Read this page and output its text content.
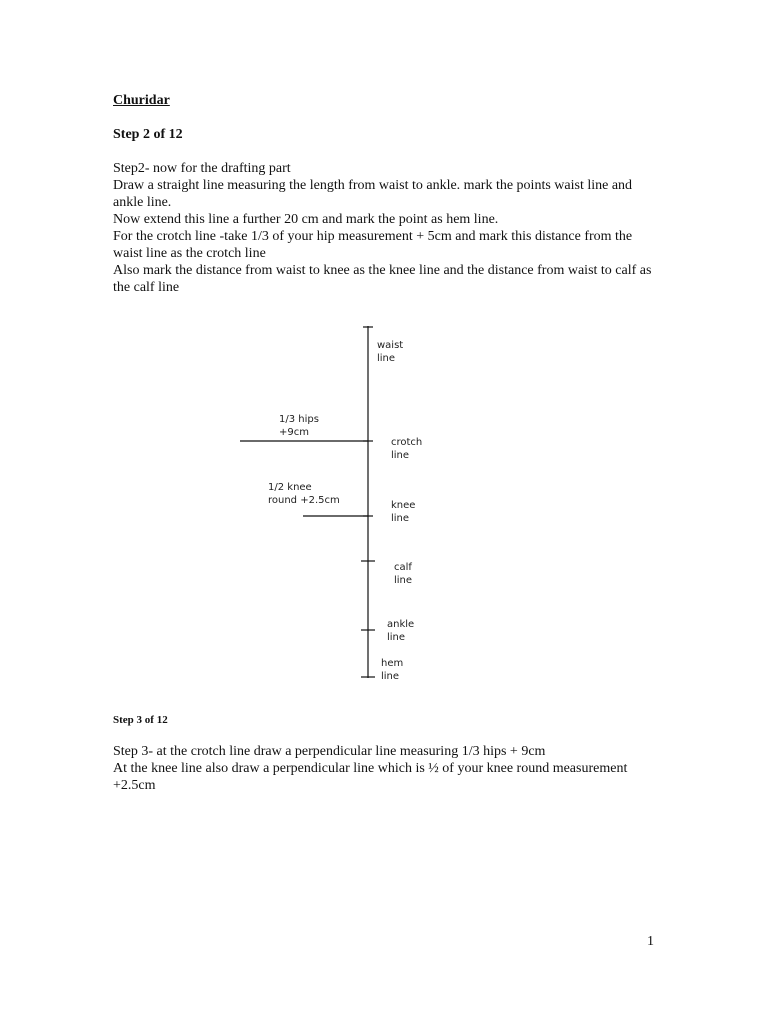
Churidar
Step 2 of 12

Step2- now for the drafting part

Draw a straight line measuring the length from waist to ankle. mark the points waist line and ankle line.

Now extend this line a further 20 cm and mark the point as hem line.

For the crotch line -take 1/3 of your hip measurement + 5cm and mark this distance from the waist line as the crotch line

Also mark the distance from waist to knee as the knee line and the distance from waist to calf as the calf line

Step 3 of 12

Step 3- at the crotch line draw a perpendicular line measuring 1/3 hips + 9cm

At the knee line also draw a perpendicular line which is ½ of your knee round measurement +2.5cm

waist
line
crotch
line
knee
line
calf
line
ankle
line
hem
line
1/3 hips
+9cm
1/2 knee
round +2.5cm
1
